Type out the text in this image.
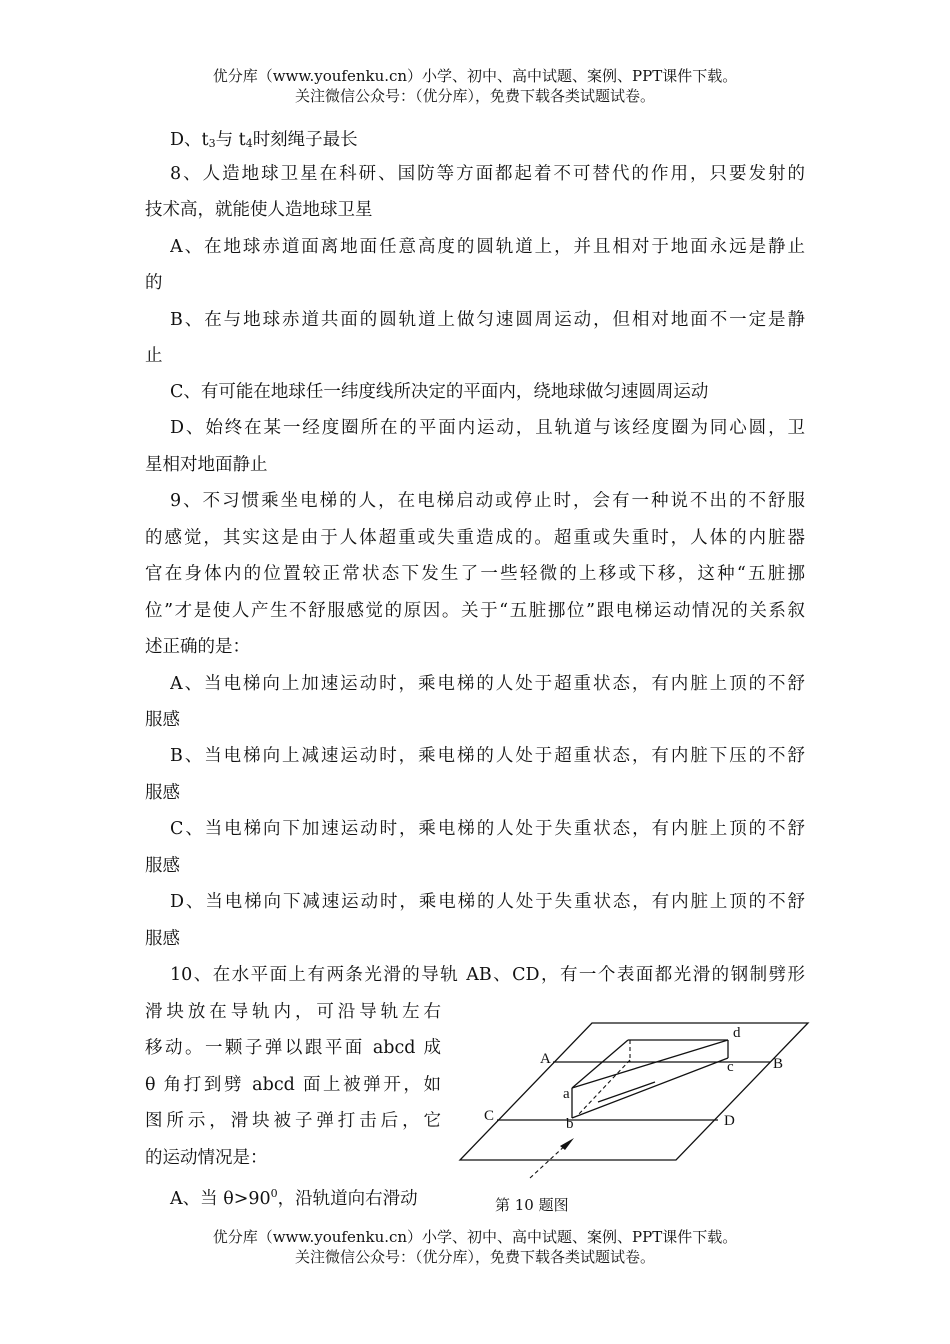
优分库（www.youfenku.cn）小学、初中、高中试题、案例、PPT课件下载。
关注微信公众号：（优分库），免费下载各类试题试卷。
D、$t_3$与 $t_4$时刻绳子最长
8、人造地球卫星在科研、国防等方面都起着不可替代的作用，只要发射的
技术高，就能使人造地球卫星
A、在地球赤道面离地面任意高度的圆轨道上，并且相对于地面永远是静止
的
B、在与地球赤道共面的圆轨道上做匀速圆周运动，但相对地面不一定是静
止
C、有可能在地球任一纬度线所决定的平面内，绕地球做匀速圆周运动
D、始终在某一经度圈所在的平面内运动，且轨道与该经度圈为同心圆，卫
星相对地面静止
9、不习惯乘坐电梯的人，在电梯启动或停止时，会有一种说不出的不舒服
的感觉，其实这是由于人体超重或失重造成的。超重或失重时，人体的内脏器
官在身体内的位置较正常状态下发生了一些轻微的上移或下移，这种“五脏挪
位”才是使人产生不舒服感觉的原因。关于“五脏挪位”跟电梯运动情况的关系叙
述正确的是：
A、当电梯向上加速运动时，乘电梯的人处于超重状态，有内脏上顶的不舒
服感
B、当电梯向上减速运动时，乘电梯的人处于超重状态，有内脏下压的不舒
服感
C、当电梯向下加速运动时，乘电梯的人处于失重状态，有内脏上顶的不舒
服感
D、当电梯向下减速运动时，乘电梯的人处于失重状态，有内脏上顶的不舒
服感
10、在水平面上有两条光滑的导轨 AB、CD，有一个表面都光滑的钢制劈形
滑块放在导轨内，可沿导轨左右
移动。一颗子弹以跟平面 abcd 成
θ 角打到劈 abcd 面上被弹开，如
图所示，滑块被子弹打击后，它
的运动情况是：
A、当 $\theta>90^0$，沿轨道向右滑动
A	B
C	D
a
b
c
d
第 10 题图
优分库（www.youfenku.cn）小学、初中、高中试题、案例、PPT课件下载。
关注微信公众号：（优分库），免费下载各类试题试卷。
